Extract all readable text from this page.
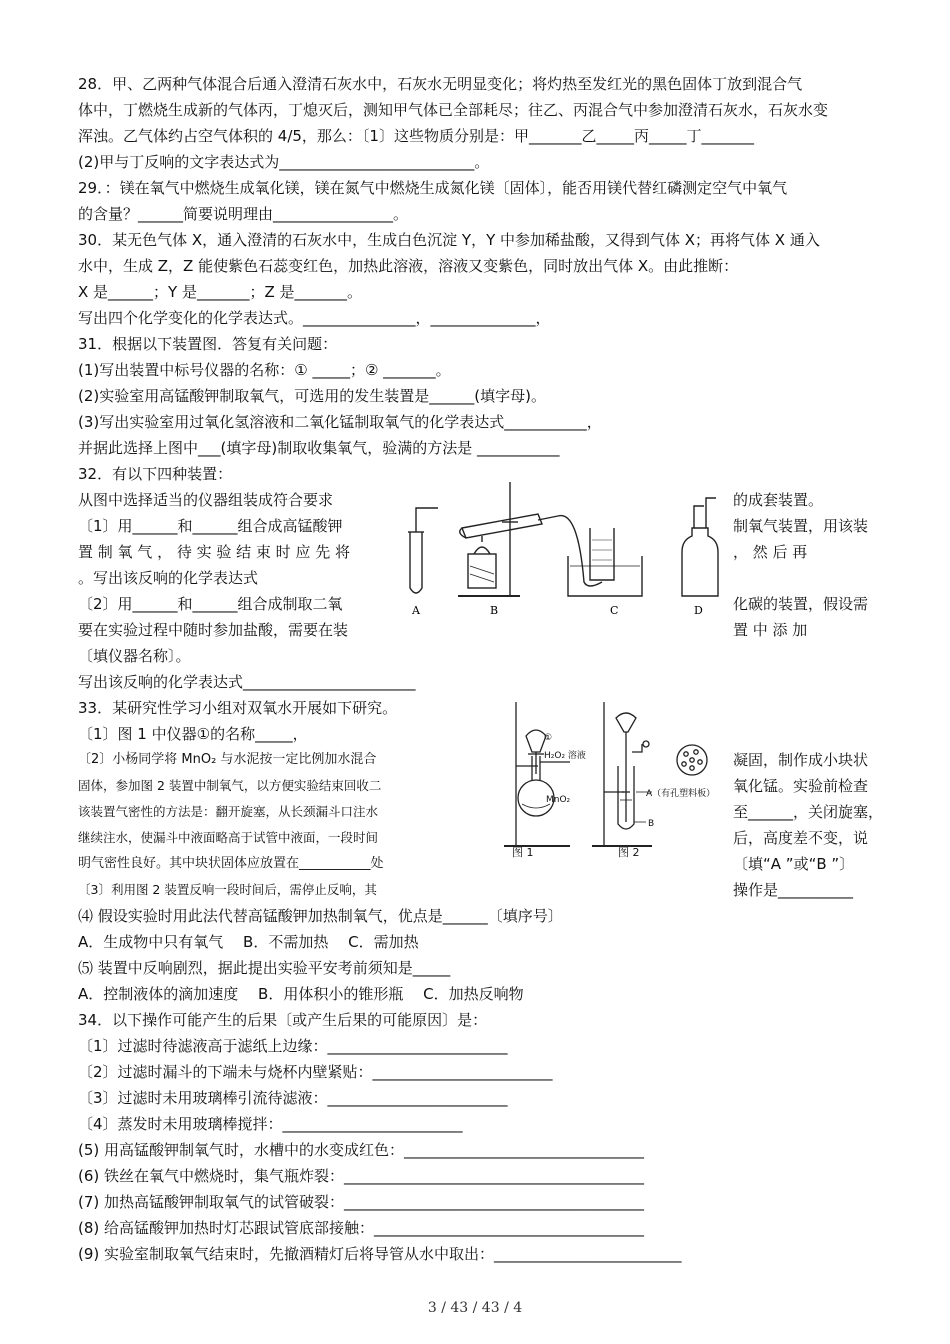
28．甲、乙两种气体混合后通入澄清石灰水中，石灰水无明显变化；将灼热至发红光的黑色固体丁放到混合气
体中，丁燃烧生成新的气体丙，丁熄灭后，测知甲气体已全部耗尽；往乙、丙混合气中参加澄清石灰水，石灰水变
浑浊。乙气体约占空气体积的 4/5，那么：〔1〕这些物质分别是：甲_______乙_____丙_____丁_______
(2)甲与丁反响的文字表达式为__________________________。
29．：镁在氧气中燃烧生成氧化镁，镁在氮气中燃烧生成氮化镁〔固体〕，能否用镁代替红磷测定空气中氧气
的含量？______简要说明理由________________。
30．某无色气体 X，通入澄清的石灰水中，生成白色沉淀 Y，Y 中参加稀盐酸，又得到气体 X；再将气体 X 通入
水中，生成 Z，Z 能使紫色石蕊变红色，加热此溶液，溶液又变紫色，同时放出气体 X。由此推断：
X 是______；Y 是_______；Z 是_______。
写出四个化学变化的化学表达式。_______________，______________，
31．根据以下装置图．答复有关问题：
(1)写出装置中标号仪器的名称：① _____；② _______。
(2)实验室用高锰酸钾制取氧气，可选用的发生装置是______(填字母)。
(3)写出实验室用过氧化氢溶液和二氧化锰制取氧气的化学表达式___________，
并据此选择上图中___(填字母)制取收集氧气，验满的方法是 ___________
32．有以下四种装置：
从图中选择适当的仪器组装成符合要求	的成套装置。
〔1〕用______和______组合成高锰酸钾	制氧气装置，用该装
置 制 氧 气 ， 待 实 验 结 束 时 应 先 将	， 然 后 再
。写出该反响的化学表达式
〔2〕用______和______组合成制取二氧	化碳的装置，假设需
要在实验过程中随时参加盐酸，需要在装	置 中 添 加
〔填仪器名称〕。
写出该反响的化学表达式_______________________
A	B	C	D
33．某研究性学习小组对双氧水开展如下研究。
〔1〕图 1 中仪器①的名称_____，
〔2〕小杨同学将 MnO₂ 与水泥按一定比例加水混合	凝固，制作成小块状
固体，参加图 2 装置中制氧气，以方便实验结束回收二	氧化锰。实验前检查
该装置气密性的方法是：翻开旋塞，从长颈漏斗口注水	至______，关闭旋塞，
继续注水，使漏斗中液面略高于试管中液面，一段时间	后，高度差不变，说
明气密性良好。其中块状固体应放置在___________处	〔填“A ”或“B ”〕
〔3〕利用图 2 装置反响一段时间后，需停止反响，其	操作是__________
⑷ 假设实验时用此法代替高锰酸钾加热制氧气，优点是______〔填序号〕
A．生成物中只有氧气　 B．不需加热　 C．需加热
⑸ 装置中反响剧烈，据此提出实验平安考前须知是_____
A．控制液体的滴加速度　 B．用体积小的锥形瓶　 C．加热反响物
①
H₂O₂ 溶液
MnO₂
A（有孔塑料板）
B
图 1	图 2
34．以下操作可能产生的后果〔或产生后果的可能原因〕是：
〔1〕过滤时待滤液高于滤纸上边缘：________________________
〔2〕过滤时漏斗的下端未与烧杯内壁紧贴：________________________
〔3〕过滤时未用玻璃棒引流待滤液：________________________
〔4〕蒸发时未用玻璃棒搅拌：________________________
(5) 用高锰酸钾制氧气时，水槽中的水变成红色：________________________________
(6) 铁丝在氧气中燃烧时，集气瓶炸裂：________________________________________
(7) 加热高锰酸钾制取氧气的试管破裂：________________________________________
(8) 给高锰酸钾加热时灯芯跟试管底部接触：____________________________________
(9) 实验室制取氧气结束时，先撤酒精灯后将导管从水中取出：_________________________
3 / 43 / 43 / 4
